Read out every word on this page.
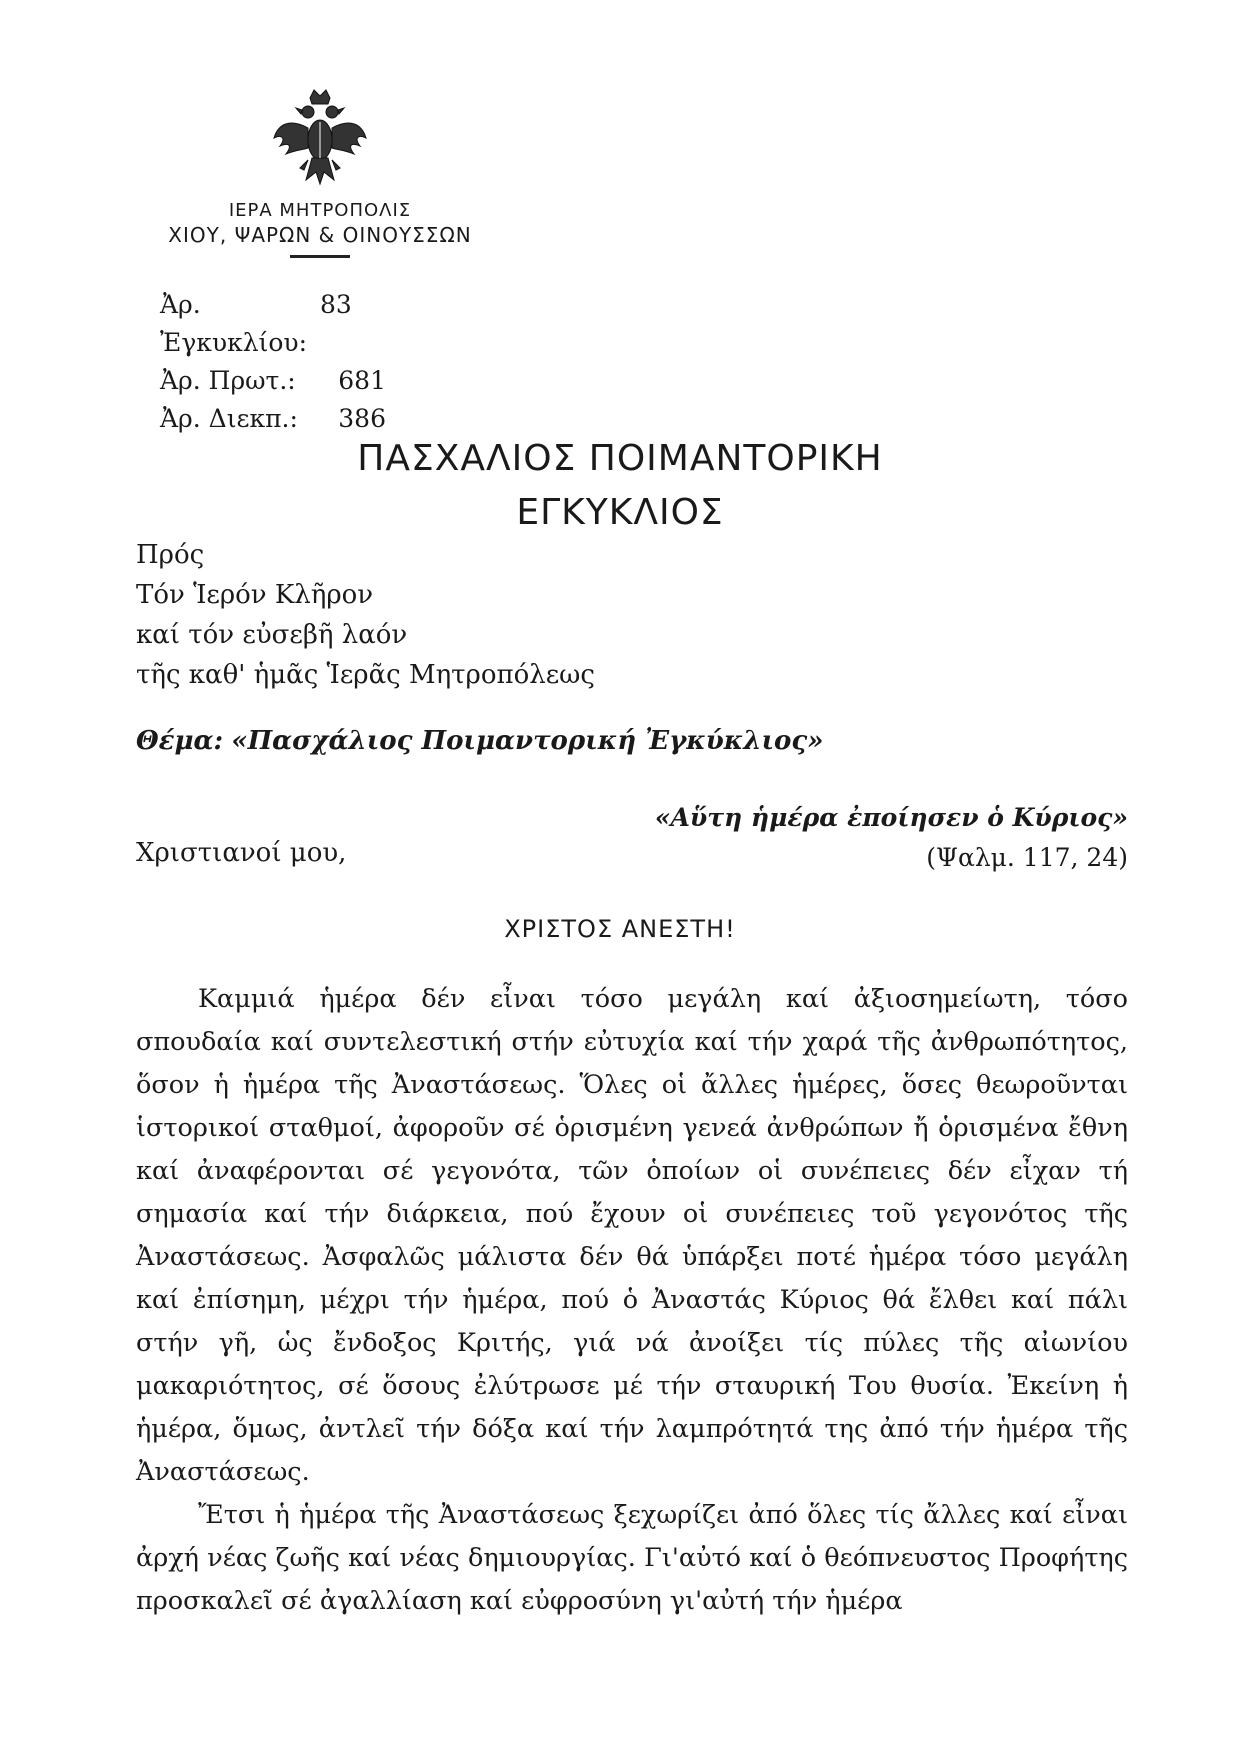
ΙΕΡΑ ΜΗΤΡΟΠΟΛΙΣ
ΧΙΟΥ, ΨΑΡΩΝ & ΟΙΝΟΥΣΣΩΝ
Ἀρ. Ἐγκυκλίου:
83
Ἀρ. Πρωτ.:	681
Ἀρ. Διεκπ.:	386
ΠΑΣΧΑΛΙΟΣ ΠΟΙΜΑΝΤΟΡΙΚΗ
ΕΓΚΥΚΛΙΟΣ
Πρός
Τόν Ἱερόν Κλῆρον
καί τόν εὐσεβῆ λαόν
τῆς καθ' ἡμᾶς Ἱερᾶς Μητροπόλεως
Θέμα: «Πασχάλιος Ποιμαντορική Ἐγκύκλιος»
«Αὕτη ἡμέρα ἐποίησεν ὁ Κύριος»
(Ψαλμ. 117, 24)
Χριστιανοί μου,
ΧΡΙΣΤΟΣ ΑΝΕΣΤΗ!

Καμμιά ἡμέρα δέν εἶναι τόσο μεγάλη καί ἀξιοσημείωτη, τόσο σπουδαία καί συντελεστική στήν εὐτυχία καί τήν χαρά τῆς ἀνθρωπότητος, ὅσον ἡ ἡμέρα τῆς Ἀναστάσεως. Ὅλες οἱ ἄλλες ἡμέρες, ὅσες θεωροῦνται ἱστορικοί σταθμοί, ἀφοροῦν σέ ὁρισμένη γενεά ἀνθρώπων ἤ ὁρισμένα ἔθνη καί ἀναφέρονται σέ γεγονότα, τῶν ὁποίων οἱ συνέπειες δέν εἶχαν τή σημασία καί τήν διάρκεια, πού ἔχουν οἱ συνέπειες τοῦ γεγονότος τῆς Ἀναστάσεως. Ἀσφαλῶς μάλιστα δέν θά ὑπάρξει ποτέ ἡμέρα τόσο μεγάλη καί ἐπίσημη, μέχρι τήν ἡμέρα, πού ὁ Ἀναστάς Κύριος θά ἔλθει καί πάλι στήν γῆ, ὡς ἔνδοξος Κριτής, γιά νά ἀνοίξει τίς πύλες τῆς αἰωνίου μακαριότητος, σέ ὅσους ἐλύτρωσε μέ τήν σταυρική Του θυσία. Ἐκείνη ἡ ἡμέρα, ὅμως, ἀντλεῖ τήν δόξα καί τήν λαμπρότητά της ἀπό τήν ἡμέρα τῆς Ἀναστάσεως.

Ἔτσι ἡ ἡμέρα τῆς Ἀναστάσεως ξεχωρίζει ἀπό ὅλες τίς ἄλλες καί εἶναι ἀρχή νέας ζωῆς καί νέας δημιουργίας. Γι'αὐτό καί ὁ θεόπνευστος Προφήτης προσκαλεῖ σέ ἀγαλλίαση καί εὐφροσύνη γι'αὐτή τήν ἡμέρα
